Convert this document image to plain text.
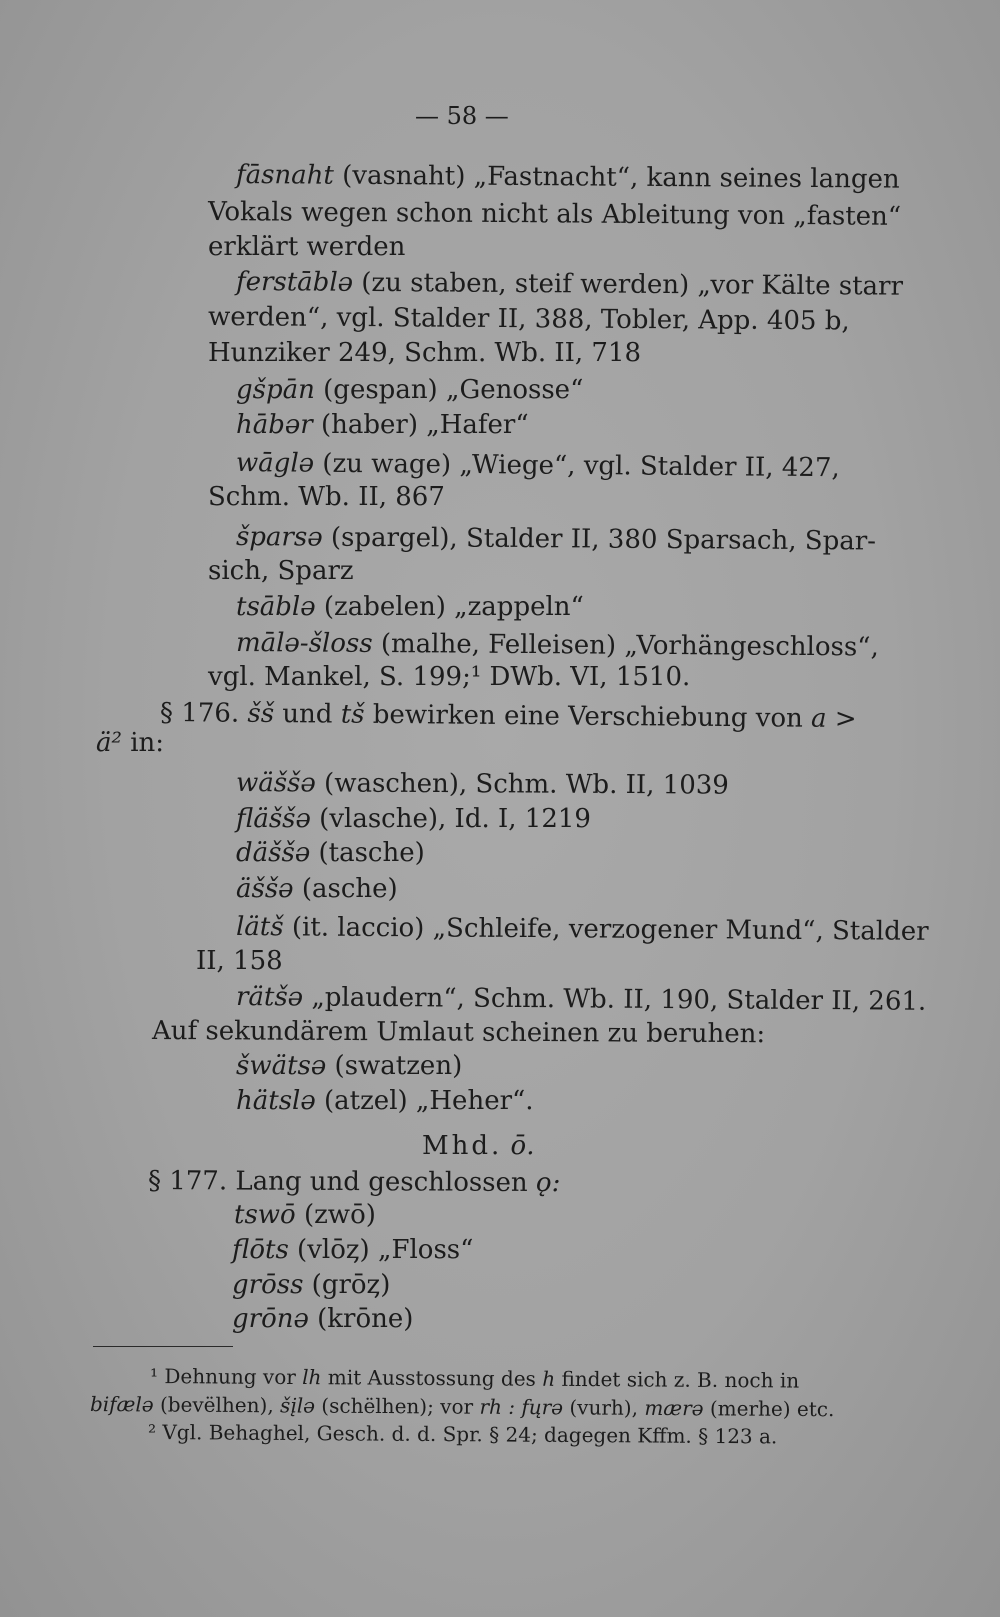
— 58 —
fāsnaht (vasnaht) „Fastnacht“, kann seines langen
Vokals wegen schon nicht als Ableitung von „fasten“
erklärt werden
ferstāblə (zu staben, steif werden) „vor Kälte starr
werden“, vgl. Stalder II, 388, Tobler, App. 405 b,
Hunziker 249, Schm. Wb. II, 718
gšpān (gespan) „Genosse“
hābər (haber) „Hafer“
wāglə (zu wage) „Wiege“, vgl. Stalder II, 427,
Schm. Wb. II, 867
šparsə (spargel), Stalder II, 380 Sparsach, Spar-
sich, Sparz
tsāblə (zabelen) „zappeln“
mālə-šloss (malhe, Felleisen) „Vorhängeschloss“,
vgl. Mankel, S. 199;¹ DWb. VI, 1510.
§ 176. šš und tš bewirken eine Verschiebung von a >
ä² in:
wäššə (waschen), Schm. Wb. II, 1039
fläššə (vlasche), Id. I, 1219
däššə (tasche)
äššə (asche)
lätš (it. laccio) „Schleife, verzogener Mund“, Stalder
II, 158
rätšə „plaudern“, Schm. Wb. II, 190, Stalder II, 261.
Auf sekundärem Umlaut scheinen zu beruhen:
šwätsə (swatzen)
hätslə (atzel) „Heher“.
Mhd. ō.
§ 177. Lang und geschlossen ǫ:
tswō (zwō)
flōts (vlōȥ) „Floss“
grōss (grōȥ)
grōnə (krōne)
¹ Dehnung vor lh mit Ausstossung des h findet sich z. B. noch in
bifælə (bevëlhen), šįlə (schëlhen); vor rh : fųrə (vurh), mærə (merhe) etc.
² Vgl. Behaghel, Gesch. d. d. Spr. § 24; dagegen Kffm. § 123 a.
